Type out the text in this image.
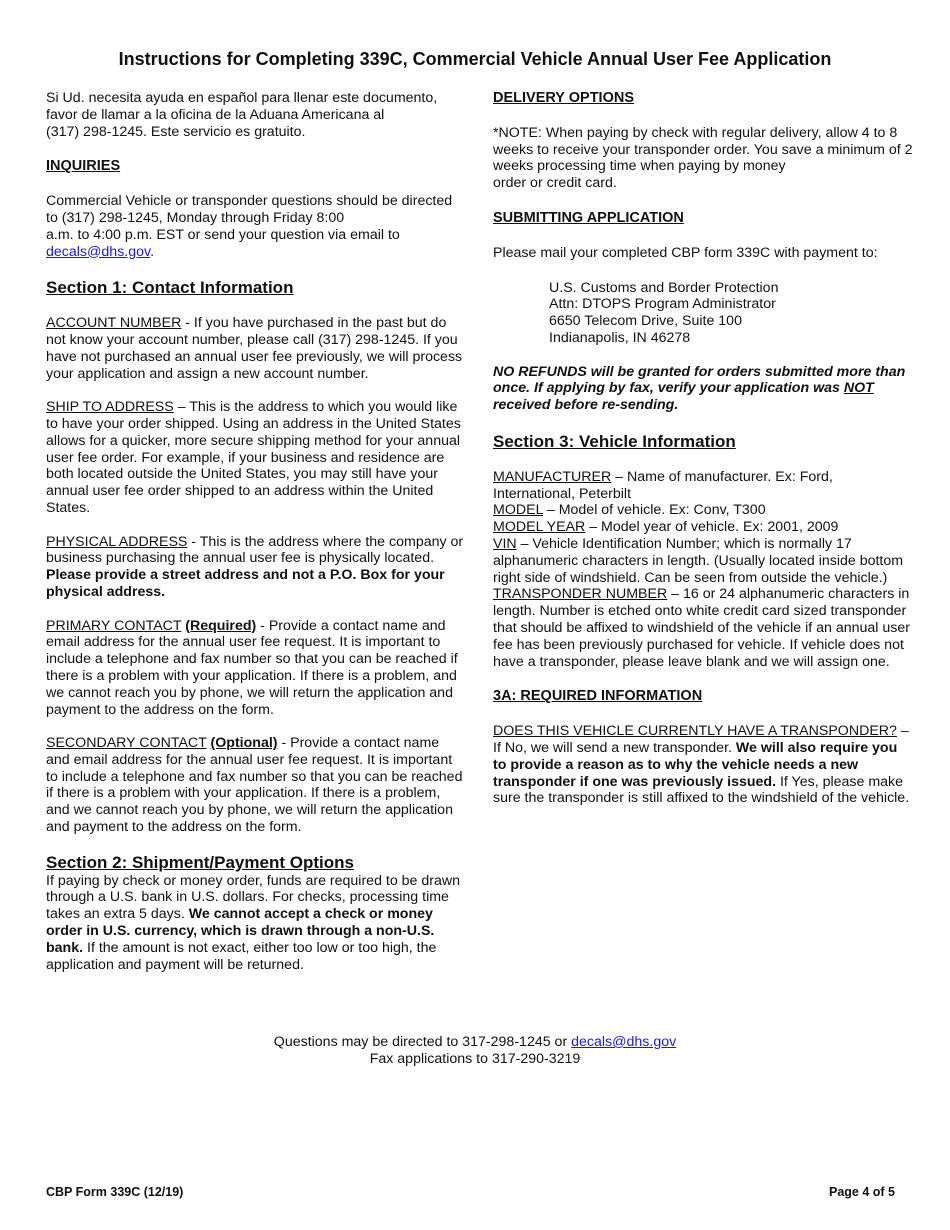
Instructions for Completing 339C, Commercial Vehicle Annual User Fee Application
Si Ud. necesita ayuda en español para llenar este documento,
favor de llamar a la oficina de la Aduana Americana al
(317) 298-1245. Este servicio es gratuito.

INQUIRIES

Commercial Vehicle or transponder questions should be directed
to (317) 298-1245, Monday through Friday 8:00
a.m. to 4:00 p.m. EST or send your question via email to
decals@dhs.gov.

Section 1: Contact Information

ACCOUNT NUMBER - If you have purchased in the past but do not know your account number, please call (317) 298-1245. If you have not purchased an annual user fee previously, we will process your application and assign a new account number.

SHIP TO ADDRESS – This is the address to which you would like to have your order shipped. Using an address in the United States allows for a quicker, more secure shipping method for your annual user fee order. For example, if your business and residence are both located outside the United States, you may still have your annual user fee order shipped to an address within the United States.

PHYSICAL ADDRESS - This is the address where the company or business purchasing the annual user fee is physically located. Please provide a street address and not a P.O. Box for your physical address.

PRIMARY CONTACT (Required) - Provide a contact name and email address for the annual user fee request. It is important to include a telephone and fax number so that you can be reached if there is a problem with your application. If there is a problem, and we cannot reach you by phone, we will return the application and payment to the address on the form.

SECONDARY CONTACT (Optional) - Provide a contact name and email address for the annual user fee request. It is important to include a telephone and fax number so that you can be reached if there is a problem with your application. If there is a problem, and we cannot reach you by phone, we will return the application and payment to the address on the form.

Section 2: Shipment/Payment Options

If paying by check or money order, funds are required to be drawn through a U.S. bank in U.S. dollars. For checks, processing time takes an extra 5 days. We cannot accept a check or money order in U.S. currency, which is drawn through a non-U.S. bank. If the amount is not exact, either too low or too high, the application and payment will be returned.

DELIVERY OPTIONS

*NOTE: When paying by check with regular delivery, allow 4 to 8 weeks to receive your transponder order. You save a minimum of 2 weeks processing time when paying by money
order or credit card.

SUBMITTING APPLICATION

Please mail your completed CBP form 339C with payment to:

U.S. Customs and Border Protection
Attn: DTOPS Program Administrator
6650 Telecom Drive, Suite 100
Indianapolis, IN 46278

NO REFUNDS will be granted for orders submitted more than once. If applying by fax, verify your application was NOT received before re-sending.

Section 3: Vehicle Information

MANUFACTURER – Name of manufacturer. Ex: Ford, International, Peterbilt

MODEL – Model of vehicle. Ex: Conv, T300

MODEL YEAR – Model year of vehicle. Ex: 2001, 2009

VIN – Vehicle Identification Number; which is normally 17 alphanumeric characters in length. (Usually located inside bottom right side of windshield. Can be seen from outside the vehicle.)

TRANSPONDER NUMBER – 16 or 24 alphanumeric characters in length. Number is etched onto white credit card sized transponder that should be affixed to windshield of the vehicle if an annual user fee has been previously purchased for vehicle. If vehicle does not have a transponder, please leave blank and we will assign one.

3A: REQUIRED INFORMATION

DOES THIS VEHICLE CURRENTLY HAVE A TRANSPONDER? – If No, we will send a new transponder. We will also require you to provide a reason as to why the vehicle needs a new transponder if one was previously issued. If Yes, please make sure the transponder is still affixed to the windshield of the vehicle.

Questions may be directed to 317-298-1245 or decals@dhs.gov
Fax applications to 317-290-3219
CBP Form 339C (12/19)	Page 4 of 5
